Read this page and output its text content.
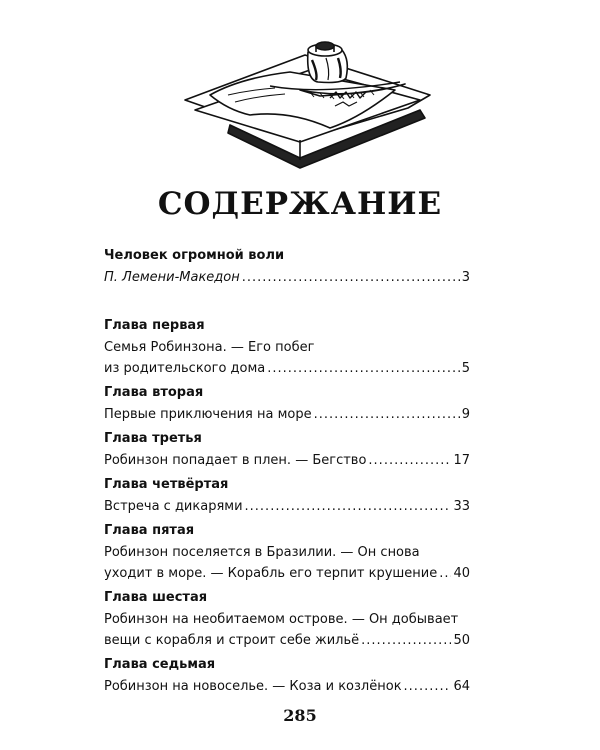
СОДЕРЖАНИЕ
Человек огромной воли
П. Лемени-Македон .....	3
Глава первая
Семья Робинзона. — Его побег
из родительского дома .....	5
Глава вторая
Первые приключения на море .....	9
Глава третья
Робинзон попадает в плен. — Бегство .....	17
Глава четвёртая
Встреча с дикарями .....	33
Глава пятая
Робинзон поселяется в Бразилии. — Он снова
уходит в море. — Корабль его терпит крушение ..... 40
Глава шестая
Робинзон на необитаемом острове. — Он добывает
вещи с корабля и строит себе жильё .....	50
Глава седьмая
Робинзон на новоселье. — Коза и козлёнок .....	64
285
